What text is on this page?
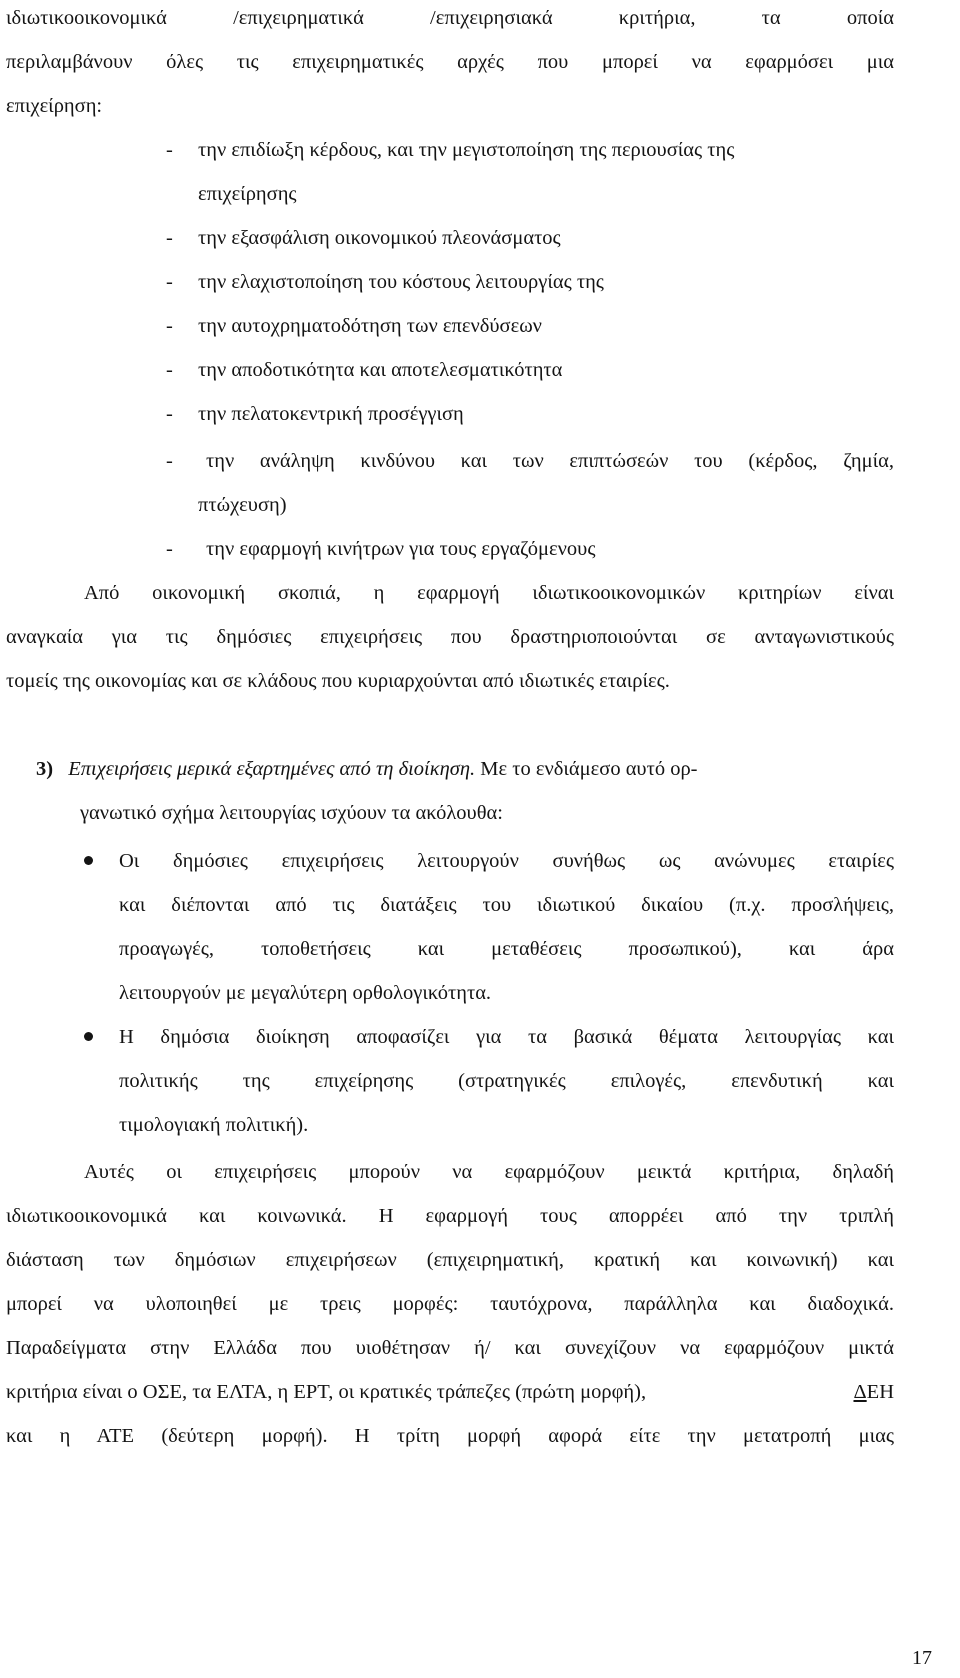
ιδιωτικοοικονομικά /επιχειρηματικά /επιχειρησιακά κριτήρια, τα οποία
περιλαμβάνουν όλες τις επιχειρηματικές αρχές που μπορεί να εφαρμόσει μια
επιχείρηση:
- την επιδίωξη κέρδους, και την μεγιστοποίηση της περιουσίας της
επιχείρησης
- την εξασφάλιση οικονομικού πλεονάσματος
- την ελαχιστοποίηση του κόστους λειτουργίας της
- την αυτοχρηματοδότηση των επενδύσεων
- την αποδοτικότητα και αποτελεσματικότητα
- την πελατοκεντρική προσέγγιση
- την ανάληψη κινδύνου και των επιπτώσεών του (κέρδος, ζημία,
πτώχευση)
- την εφαρμογή κινήτρων για τους εργαζόμενους
Από οικονομική σκοπιά, η εφαρμογή ιδιωτικοοικονομικών κριτηρίων είναι
αναγκαία για τις δημόσιες επιχειρήσεις που δραστηριοποιούνται σε ανταγωνιστικούς
τομείς της οικονομίας και σε κλάδους που κυριαρχούνται από ιδιωτικές εταιρίες.
3) Επιχειρήσεις μερικά εξαρτημένες από τη διοίκηση. Με το ενδιάμεσο αυτό ορ-
γανωτικό σχήμα λειτουργίας ισχύουν τα ακόλουθα:
Οι δημόσιες επιχειρήσεις λειτουργούν συνήθως ως ανώνυμες εταιρίες
και διέπονται από τις διατάξεις του ιδιωτικού δικαίου (π.χ. προσλήψεις,
προαγωγές, τοποθετήσεις και μεταθέσεις προσωπικού), και άρα
λειτουργούν με μεγαλύτερη ορθολογικότητα.
Η δημόσια διοίκηση αποφασίζει για τα βασικά θέματα λειτουργίας και
πολιτικής της επιχείρησης (στρατηγικές επιλογές, επενδυτική και
τιμολογιακή πολιτική).
Αυτές οι επιχειρήσεις μπορούν να εφαρμόζουν μεικτά κριτήρια, δηλαδή
ιδιωτικοοικονομικά και κοινωνικά. Η εφαρμογή τους απορρέει από την τριπλή
διάσταση των δημόσιων επιχειρήσεων (επιχειρηματική, κρατική και κοινωνική) και
μπορεί να υλοποιηθεί με τρεις μορφές: ταυτόχρονα, παράλληλα και διαδοχικά.
Παραδείγματα στην Ελλάδα που υιοθέτησαν ή/ και συνεχίζουν να εφαρμόζουν μικτά
κριτήρια είναι ο ΟΣΕ, τα ΕΛΤΑ, η ΕΡΤ, οι κρατικές τράπεζες (πρώτη μορφή),	ΔΕΗ
και η ΑΤΕ (δεύτερη μορφή). Η τρίτη μορφή αφορά είτε την μετατροπή μιας
17
